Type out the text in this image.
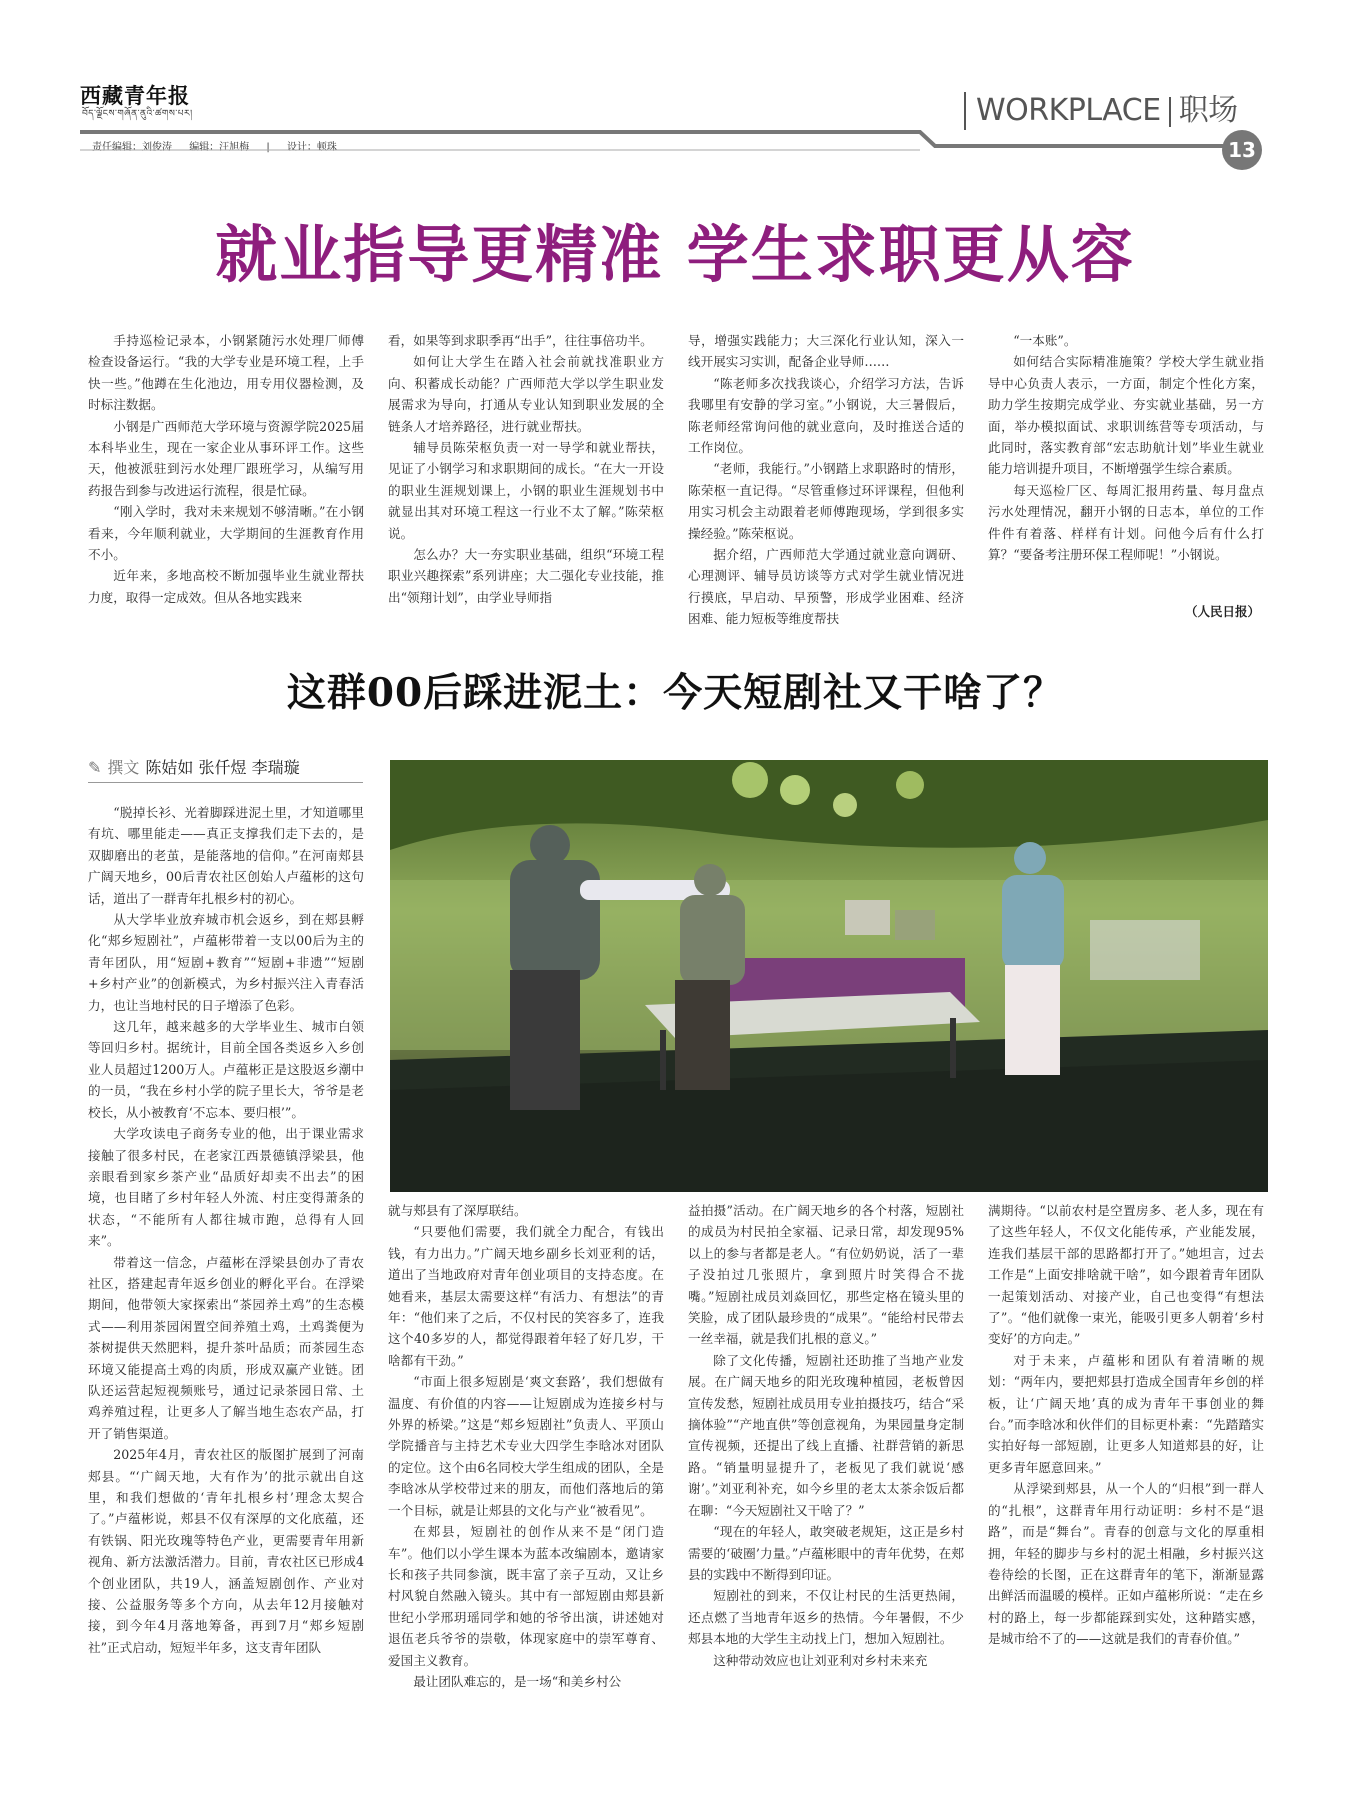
西藏青年报
བོད་ལྗོངས་གཞོན་ནུའི་ཚགས་པར།
责任编辑：刘俊涛 编辑：汪旭梅 | 设计：顿珠
WORKPLACE 职场
13
就业指导更精准 学生求职更从容

手持巡检记录本，小钢紧随污水处理厂师傅检查设备运行。“我的大学专业是环境工程，上手快一些。”他蹲在生化池边，用专用仪器检测，及时标注数据。

小钢是广西师范大学环境与资源学院2025届本科毕业生，现在一家企业从事环评工作。这些天，他被派驻到污水处理厂跟班学习，从编写用药报告到参与改进运行流程，很是忙碌。

“刚入学时，我对未来规划不够清晰。”在小钢看来，今年顺利就业，大学期间的生涯教育作用不小。

近年来，多地高校不断加强毕业生就业帮扶力度，取得一定成效。但从各地实践来

看，如果等到求职季再“出手”，往往事倍功半。

如何让大学生在踏入社会前就找准职业方向、积蓄成长动能？广西师范大学以学生职业发展需求为导向，打通从专业认知到职业发展的全链条人才培养路径，进行就业帮扶。

辅导员陈荣枢负责一对一导学和就业帮扶，见证了小钢学习和求职期间的成长。“在大一开设的职业生涯规划课上，小钢的职业生涯规划书中就显出其对环境工程这一行业不太了解。”陈荣枢说。

怎么办？大一夯实职业基础，组织“环境工程职业兴趣探索”系列讲座；大二强化专业技能，推出“领翔计划”，由学业导师指

导，增强实践能力；大三深化行业认知，深入一线开展实习实训，配备企业导师……

“陈老师多次找我谈心，介绍学习方法，告诉我哪里有安静的学习室。”小钢说，大三暑假后，陈老师经常询问他的就业意向，及时推送合适的工作岗位。

“老师，我能行。”小钢踏上求职路时的情形，陈荣枢一直记得。“尽管重修过环评课程，但他利用实习机会主动跟着老师傅跑现场，学到很多实操经验。”陈荣枢说。

据介绍，广西师范大学通过就业意向调研、心理测评、辅导员访谈等方式对学生就业情况进行摸底，早启动、早预警，形成学业困难、经济困难、能力短板等维度帮扶

“一本账”。

如何结合实际精准施策？学校大学生就业指导中心负责人表示，一方面，制定个性化方案，助力学生按期完成学业、夯实就业基础，另一方面，举办模拟面试、求职训练营等专项活动，与此同时，落实教育部“宏志助航计划”毕业生就业能力培训提升项目，不断增强学生综合素质。

每天巡检厂区、每周汇报用药量、每月盘点污水处理情况，翻开小钢的日志本，单位的工作件件有着落、样样有计划。问他今后有什么打算？“要备考注册环保工程师呢！”小钢说。

（人民日报）
这群00后踩进泥土：今天短剧社又干啥了？
✎ 撰文 陈姞如 张仟煜 李瑞璇

“脱掉长衫、光着脚踩进泥土里，才知道哪里有坑、哪里能走——真正支撑我们走下去的，是双脚磨出的老茧，是能落地的信仰。”在河南郏县广阔天地乡，00后青农社区创始人卢蕴彬的这句话，道出了一群青年扎根乡村的初心。

从大学毕业放弃城市机会返乡，到在郏县孵化“郏乡短剧社”，卢蕴彬带着一支以00后为主的青年团队，用“短剧+教育”“短剧+非遗”“短剧+乡村产业”的创新模式，为乡村振兴注入青春活力，也让当地村民的日子增添了色彩。

这几年，越来越多的大学毕业生、城市白领等回归乡村。据统计，目前全国各类返乡入乡创业人员超过1200万人。卢蕴彬正是这股返乡潮中的一员，“我在乡村小学的院子里长大，爷爷是老校长，从小被教育‘不忘本、要归根’”。

大学攻读电子商务专业的他，出于课业需求接触了很多村民，在老家江西景德镇浮梁县，他亲眼看到家乡茶产业“品质好却卖不出去”的困境，也目睹了乡村年轻人外流、村庄变得萧条的状态，“不能所有人都往城市跑，总得有人回来”。

带着这一信念，卢蕴彬在浮梁县创办了青农社区，搭建起青年返乡创业的孵化平台。在浮梁期间，他带领大家探索出“茶园养土鸡”的生态模式——利用茶园闲置空间养殖土鸡，土鸡粪便为茶树提供天然肥料，提升茶叶品质；而茶园生态环境又能提高土鸡的肉质，形成双赢产业链。团队还运营起短视频账号，通过记录茶园日常、土鸡养殖过程，让更多人了解当地生态农产品，打开了销售渠道。

2025年4月，青农社区的版图扩展到了河南郏县。“‘广阔天地，大有作为’的批示就出自这里，和我们想做的‘青年扎根乡村’理念太契合了。”卢蕴彬说，郏县不仅有深厚的文化底蕴，还有铁锅、阳光玫瑰等特色产业，更需要青年用新视角、新方法激活潜力。目前，青农社区已形成4个创业团队，共19人，涵盖短剧创作、产业对接、公益服务等多个方向，从去年12月接触对接，到今年4月落地筹备，再到7月“郏乡短剧社”正式启动，短短半年多，这支青年团队

就与郏县有了深厚联结。

“只要他们需要，我们就全力配合，有钱出钱，有力出力。”广阔天地乡副乡长刘亚利的话，道出了当地政府对青年创业项目的支持态度。在她看来，基层太需要这样“有活力、有想法”的青年：“他们来了之后，不仅村民的笑容多了，连我这个40多岁的人，都觉得跟着年轻了好几岁，干啥都有干劲。”

“市面上很多短剧是‘爽文套路’，我们想做有温度、有价值的内容——让短剧成为连接乡村与外界的桥梁。”这是“郏乡短剧社”负责人、平顶山学院播音与主持艺术专业大四学生李晗冰对团队的定位。这个由6名同校大学生组成的团队，全是李晗冰从学校带过来的朋友，而他们落地后的第一个目标，就是让郏县的文化与产业“被看见”。

在郏县，短剧社的创作从来不是“闭门造车”。他们以小学生课本为蓝本改编剧本，邀请家长和孩子共同参演，既丰富了亲子互动，又让乡村风貌自然融入镜头。其中有一部短剧由郏县新世纪小学邢玥瑶同学和她的爷爷出演，讲述她对退伍老兵爷爷的崇敬，体现家庭中的崇军尊育、爱国主义教育。

最让团队难忘的，是一场“和美乡村公

益拍摄”活动。在广阔天地乡的各个村落，短剧社的成员为村民拍全家福、记录日常，却发现95%以上的参与者都是老人。“有位奶奶说，活了一辈子没拍过几张照片，拿到照片时笑得合不拢嘴。”短剧社成员刘焱回忆，那些定格在镜头里的笑脸，成了团队最珍贵的“成果”。“能给村民带去一丝幸福，就是我们扎根的意义。”

除了文化传播，短剧社还助推了当地产业发展。在广阔天地乡的阳光玫瑰种植园，老板曾因宣传发愁，短剧社成员用专业拍摄技巧，结合“采摘体验”“产地直供”等创意视角，为果园量身定制宣传视频，还提出了线上直播、社群营销的新思路。“销量明显提升了，老板见了我们就说‘感谢’。”刘亚利补充，如今乡里的老太太茶余饭后都在聊：“今天短剧社又干啥了？”

“现在的年轻人，敢突破老规矩，这正是乡村需要的‘破圈’力量。”卢蕴彬眼中的青年优势，在郏县的实践中不断得到印证。

短剧社的到来，不仅让村民的生活更热闹，还点燃了当地青年返乡的热情。今年暑假，不少郏县本地的大学生主动找上门，想加入短剧社。

这种带动效应也让刘亚利对乡村未来充

满期待。“以前农村是空置房多、老人多，现在有了这些年轻人，不仅文化能传承，产业能发展，连我们基层干部的思路都打开了。”她坦言，过去工作是“上面安排啥就干啥”，如今跟着青年团队一起策划活动、对接产业，自己也变得“有想法了”。“他们就像一束光，能吸引更多人朝着‘乡村变好’的方向走。”

对于未来，卢蕴彬和团队有着清晰的规划：“两年内，要把郏县打造成全国青年乡创的样板，让‘广阔天地’真的成为青年干事创业的舞台。”而李晗冰和伙伴们的目标更朴素：“先踏踏实实拍好每一部短剧，让更多人知道郏县的好，让更多青年愿意回来。”

从浮梁到郏县，从一个人的“归根”到一群人的“扎根”，这群青年用行动证明：乡村不是“退路”，而是“舞台”。青春的创意与文化的厚重相拥，年轻的脚步与乡村的泥土相融，乡村振兴这卷待绘的长图，正在这群青年的笔下，渐渐显露出鲜活而温暖的模样。正如卢蕴彬所说：“走在乡村的路上，每一步都能踩到实处，这种踏实感，是城市给不了的——这就是我们的青春价值。”
